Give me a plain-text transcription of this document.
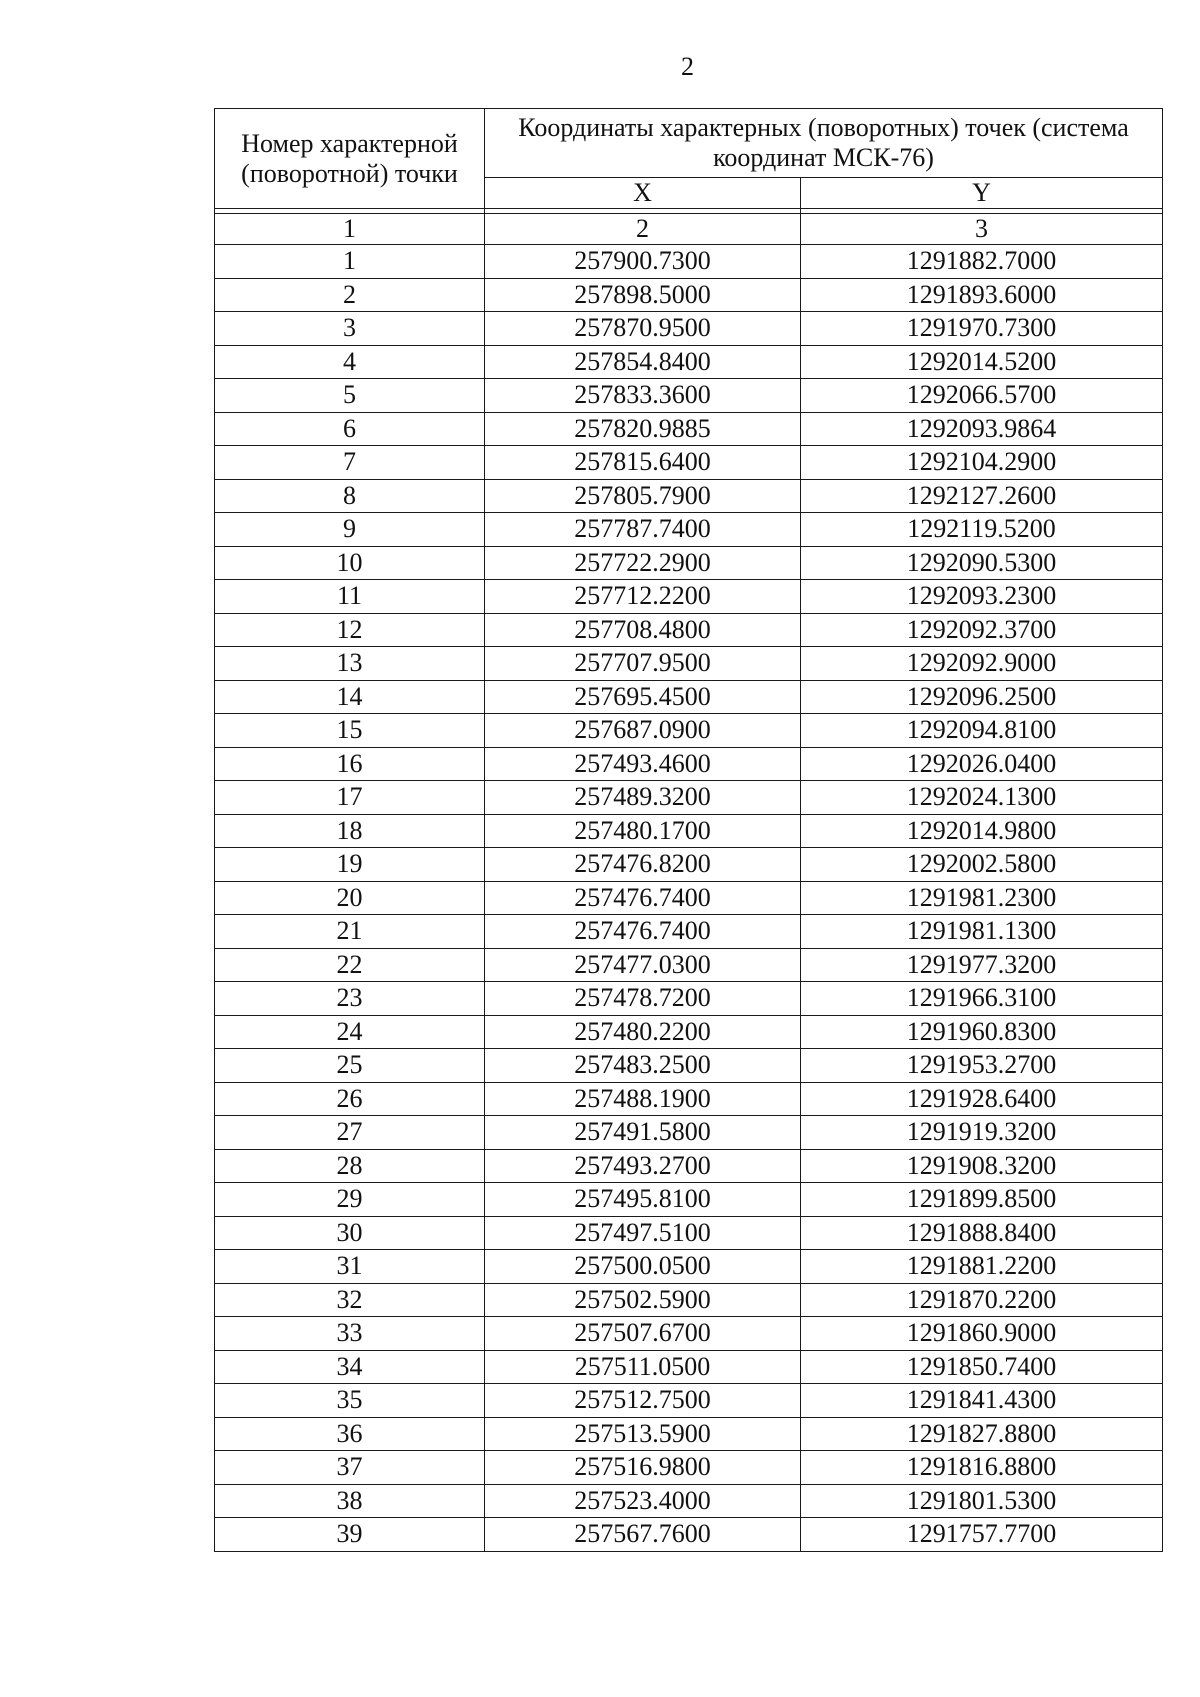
2
Номер характерной (поворотной) точки	Координаты характерных (поворотных) точек (система координат МСК-76)	
	X	Y

1	2	3
1	257900.7300	1291882.7000
2	257898.5000	1291893.6000
3	257870.9500	1291970.7300
4	257854.8400	1292014.5200
5	257833.3600	1292066.5700
6	257820.9885	1292093.9864
7	257815.6400	1292104.2900
8	257805.7900	1292127.2600
9	257787.7400	1292119.5200
10	257722.2900	1292090.5300
11	257712.2200	1292093.2300
12	257708.4800	1292092.3700
13	257707.9500	1292092.9000
14	257695.4500	1292096.2500
15	257687.0900	1292094.8100
16	257493.4600	1292026.0400
17	257489.3200	1292024.1300
18	257480.1700	1292014.9800
19	257476.8200	1292002.5800
20	257476.7400	1291981.2300
21	257476.7400	1291981.1300
22	257477.0300	1291977.3200
23	257478.7200	1291966.3100
24	257480.2200	1291960.8300
25	257483.2500	1291953.2700
26	257488.1900	1291928.6400
27	257491.5800	1291919.3200
28	257493.2700	1291908.3200
29	257495.8100	1291899.8500
30	257497.5100	1291888.8400
31	257500.0500	1291881.2200
32	257502.5900	1291870.2200
33	257507.6700	1291860.9000
34	257511.0500	1291850.7400
35	257512.7500	1291841.4300
36	257513.5900	1291827.8800
37	257516.9800	1291816.8800
38	257523.4000	1291801.5300
39	257567.7600	1291757.7700
